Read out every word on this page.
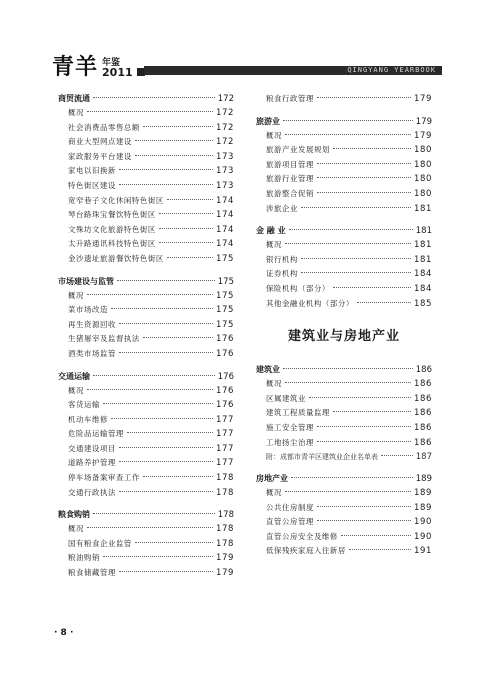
青羊 年鉴
2011	QINGYANG YEARBOOK
商贸流通	172
概况	172
社会消费品零售总额	172
商业大型网点建设	172
家政服务平台建设	173
家电以旧换新	173
特色街区建设	173
宽窄巷子文化休闲特色街区	174
琴台路珠宝餐饮特色街区	174
文殊坊文化旅游特色街区	174
太升路通讯科技特色街区	174
金沙遗址旅游餐饮特色街区	175
市场建设与监管	175
概况	175
菜市场改造	175
再生资源回收	175
生猪屠宰及监督执法	176
酒类市场监管	176
交通运输	176
概况	176
客货运输	176
机动车维修	177
危险品运输管理	177
交通建设项目	177
道路养护管理	177
停车场备案审查工作	178
交通行政执法	178
粮食购销	178
概况	178
国有粮食企业监管	178
粮油购销	179
粮食储藏管理	179
粮食行政管理	179
旅游业	179
概况	179
旅游产业发展规划	180
旅游项目管理	180
旅游行业管理	180
旅游整合促销	180
涉旅企业	181
金 融 业	181
概况	181
银行机构	181
证券机构	184
保险机构（部分）	184
其他金融业机构（部分）	185
建筑业与房地产业
建筑业	186
概况	186
区属建筑业	186
建筑工程质量监理	186
施工安全管理	186
工地扬尘治理	186
附：成都市青羊区建筑业企业名单表	187
房地产业	189
概况	189
公共住房制度	189
直管公房管理	190
直管公房安全及维修	190
低保残疾家庭入住新居	191
· 8 ·
